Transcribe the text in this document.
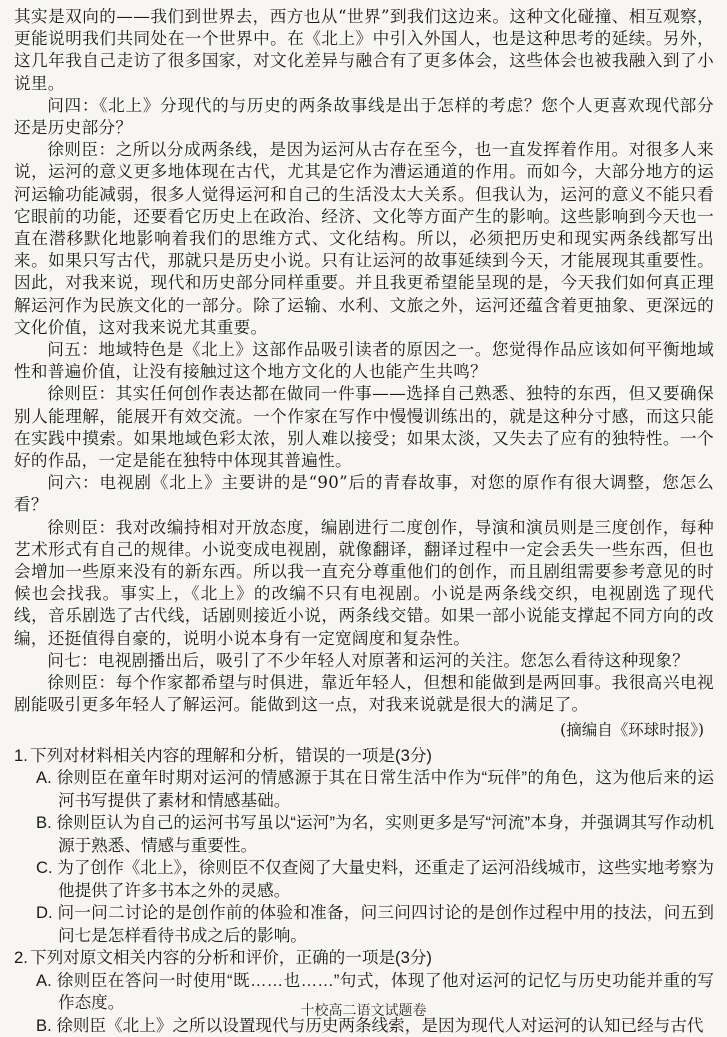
其实是双向的——我们到世界去，西方也从“世界”到我们这边来。这种文化碰撞、相互观察，更能说明我们共同处在一个世界中。在《北上》中引入外国人，也是这种思考的延续。另外，这几年我自己走访了很多国家，对文化差异与融合有了更多体会，这些体会也被我融入到了小说里。

问四：《北上》分现代的与历史的两条故事线是出于怎样的考虑？您个人更喜欢现代部分还是历史部分？

徐则臣：之所以分成两条线，是因为运河从古存在至今，也一直发挥着作用。对很多人来说，运河的意义更多地体现在古代，尤其是它作为漕运通道的作用。而如今，大部分地方的运河运输功能减弱，很多人觉得运河和自己的生活没太大关系。但我认为，运河的意义不能只看它眼前的功能，还要看它历史上在政治、经济、文化等方面产生的影响。这些影响到今天也一直在潜移默化地影响着我们的思维方式、文化结构。所以，必须把历史和现实两条线都写出来。如果只写古代，那就只是历史小说。只有让运河的故事延续到今天，才能展现其重要性。因此，对我来说，现代和历史部分同样重要。并且我更希望能呈现的是，今天我们如何真正理解运河作为民族文化的一部分。除了运输、水利、文旅之外，运河还蕴含着更抽象、更深远的文化价值，这对我来说尤其重要。

问五：地域特色是《北上》这部作品吸引读者的原因之一。您觉得作品应该如何平衡地域性和普遍价值，让没有接触过这个地方文化的人也能产生共鸣？

徐则臣：其实任何创作表达都在做同一件事——选择自己熟悉、独特的东西，但又要确保别人能理解，能展开有效交流。一个作家在写作中慢慢训练出的，就是这种分寸感，而这只能在实践中摸索。如果地域色彩太浓，别人难以接受；如果太淡，又失去了应有的独特性。一个好的作品，一定是能在独特中体现其普遍性。

问六：电视剧《北上》主要讲的是“90”后的青春故事，对您的原作有很大调整，您怎么看？

徐则臣：我对改编持相对开放态度，编剧进行二度创作，导演和演员则是三度创作，每种艺术形式有自己的规律。小说变成电视剧，就像翻译，翻译过程中一定会丢失一些东西，但也会增加一些原来没有的新东西。所以我一直充分尊重他们的创作，而且剧组需要参考意见的时候也会找我。事实上，《北上》的改编不只有电视剧。小说是两条线交织，电视剧选了现代线，音乐剧选了古代线，话剧则接近小说，两条线交错。如果一部小说能支撑起不同方向的改编，还挺值得自豪的，说明小说本身有一定宽阔度和复杂性。

问七：电视剧播出后，吸引了不少年轻人对原著和运河的关注。您怎么看待这种现象？

徐则臣：每个作家都希望与时俱进，靠近年轻人，但想和能做到是两回事。我很高兴电视剧能吸引更多年轻人了解运河。能做到这一点，对我来说就是很大的满足了。

(摘编自《环球时报》)

1. 下列对材料相关内容的理解和分析，错误的一项是(3分)

A. 徐则臣在童年时期对运河的情感源于其在日常生活中作为“玩伴”的角色，这为他后来的运河书写提供了素材和情感基础。

B. 徐则臣认为自己的运河书写虽以“运河”为名，实则更多是写“河流”本身，并强调其写作动机源于熟悉、情感与重要性。

C. 为了创作《北上》，徐则臣不仅查阅了大量史料，还重走了运河沿线城市，这些实地考察为他提供了许多书本之外的灵感。

D. 问一问二讨论的是创作前的体验和准备，问三问四讨论的是创作过程中用的技法，问五到问七是怎样看待书成之后的影响。

2. 下列对原文相关内容的分析和评价，正确的一项是(3分)

A. 徐则臣在答问一时使用“既……也……”句式，体现了他对运河的记忆与历史功能并重的写作态度。

B. 徐则臣《北上》之所以设置现代与历史两条线索，是因为现代人对运河的认知已经与古代

十校高二语文试题卷
